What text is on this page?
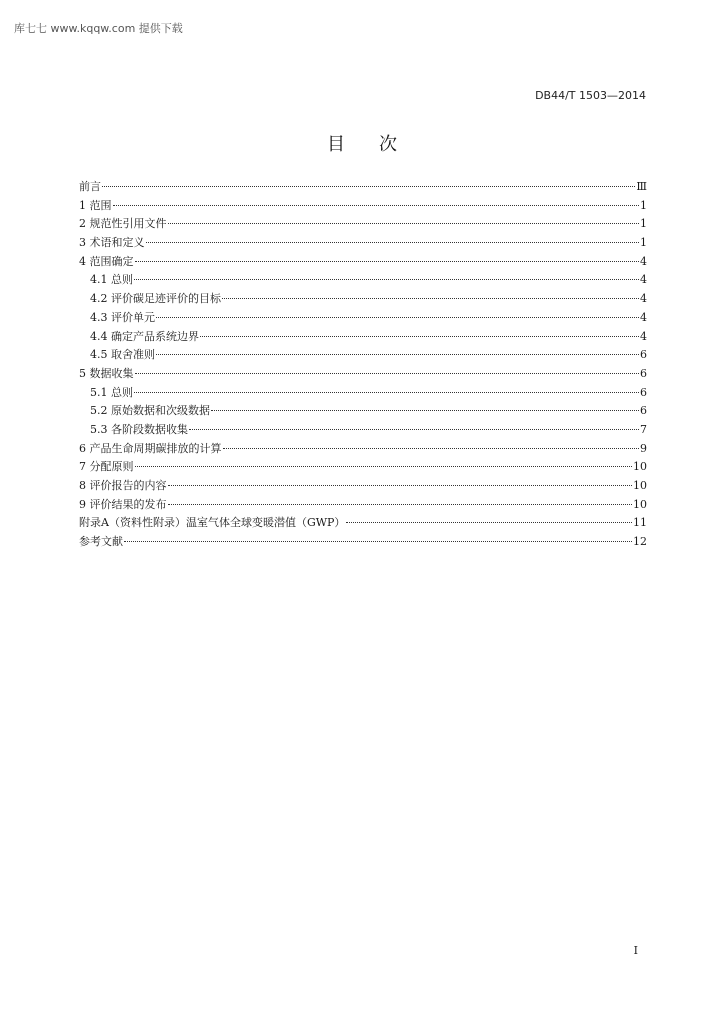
库七七 www.kqqw.com 提供下载
DB44/T 1503—2014
目次
前言	Ⅲ
1 范围	1
2 规范性引用文件	1
3 术语和定义	1
4 范围确定	4
4.1 总则	4
4.2 评价碳足迹评价的目标	4
4.3 评价单元	4
4.4 确定产品系统边界	4
4.5 取舍准则	6
5 数据收集	6
5.1 总则	6
5.2 原始数据和次级数据	6
5.3 各阶段数据收集	7
6 产品生命周期碳排放的计算	9
7 分配原则	10
8 评价报告的内容	10
9 评价结果的发布	10
附录A（资料性附录）温室气体全球变暖潜值（GWP）	11
参考文献	12
I
